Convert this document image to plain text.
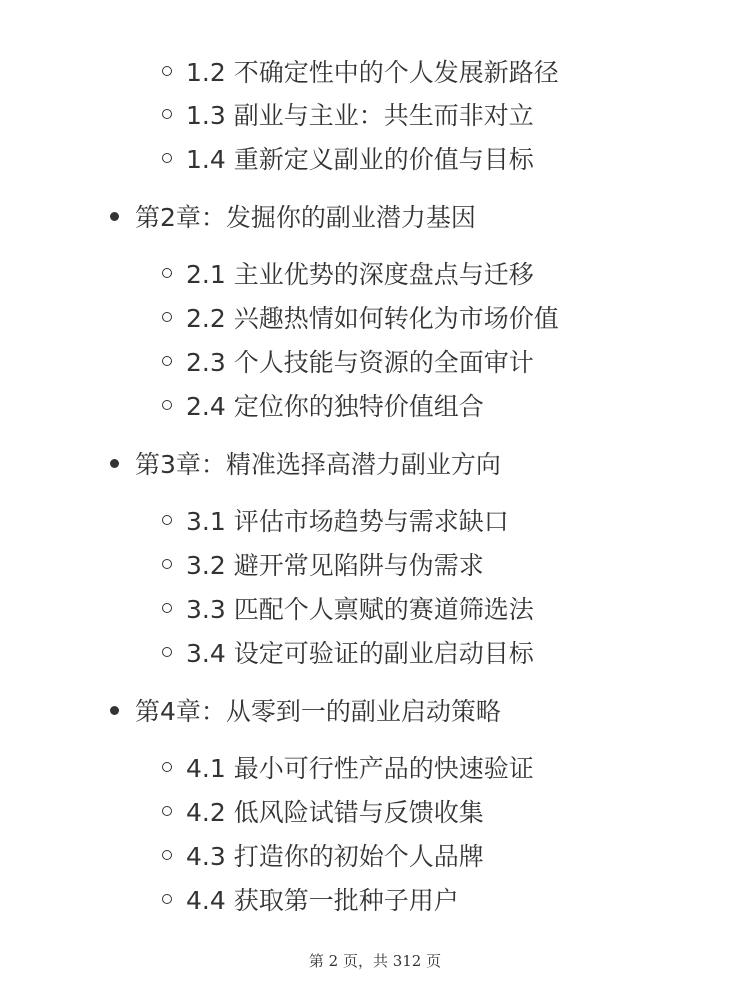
1.2 不确定性中的个人发展新路径
1.3 副业与主业：共生而非对立
1.4 重新定义副业的价值与目标
第2章：发掘你的副业潜力基因
2.1 主业优势的深度盘点与迁移
2.2 兴趣热情如何转化为市场价值
2.3 个人技能与资源的全面审计
2.4 定位你的独特价值组合
第3章：精准选择高潜力副业方向
3.1 评估市场趋势与需求缺口
3.2 避开常见陷阱与伪需求
3.3 匹配个人禀赋的赛道筛选法
3.4 设定可验证的副业启动目标
第4章：从零到一的副业启动策略
4.1 最小可行性产品的快速验证
4.2 低风险试错与反馈收集
4.3 打造你的初始个人品牌
4.4 获取第一批种子用户
第 2 页，共 312 页
